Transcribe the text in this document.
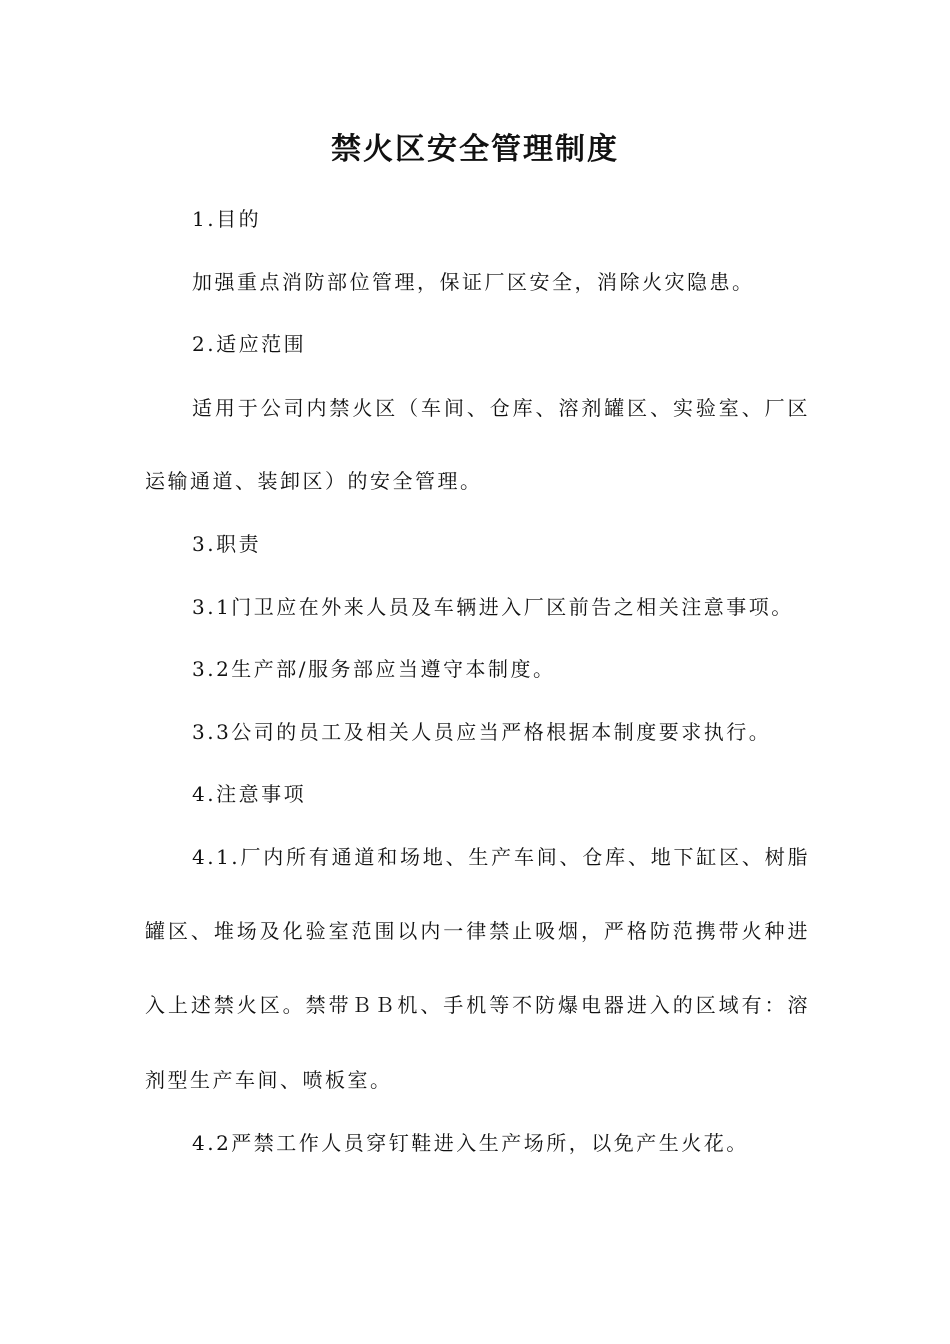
禁火区安全管理制度
1.目的
加强重点消防部位管理，保证厂区安全，消除火灾隐患。
2.适应范围
适用于公司内禁火区（车间、仓库、溶剂罐区、实验室、厂区
运输通道、装卸区）的安全管理。
3.职责
3.1门卫应在外来人员及车辆进入厂区前告之相关注意事项。
3.2生产部/服务部应当遵守本制度。
3.3公司的员工及相关人员应当严格根据本制度要求执行。
4.注意事项
4.1.厂内所有通道和场地、生产车间、仓库、地下缸区、树脂
罐区、堆场及化验室范围以内一律禁止吸烟，严格防范携带火种进
入上述禁火区。禁带ＢＢ机、手机等不防爆电器进入的区域有：溶
剂型生产车间、喷板室。
4.2严禁工作人员穿钉鞋进入生产场所，以免产生火花。
